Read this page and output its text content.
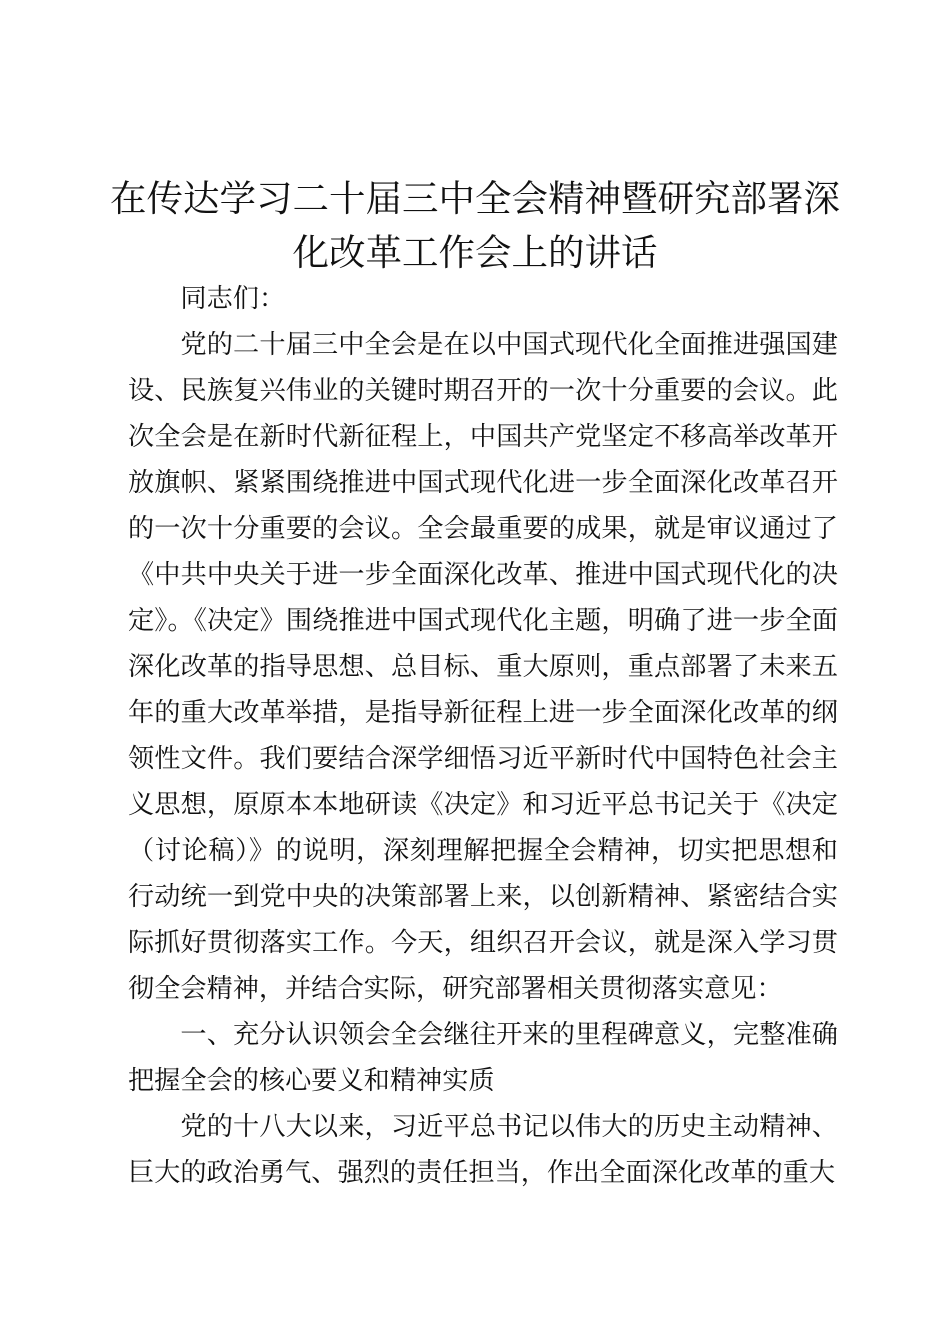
在传达学习二十届三中全会精神暨研究部署深化改革工作会上的讲话

同志们：

党的二十届三中全会是在以中国式现代化全面推进强国建设、民族复兴伟业的关键时期召开的一次十分重要的会议。此次全会是在新时代新征程上，中国共产党坚定不移高举改革开放旗帜、紧紧围绕推进中国式现代化进一步全面深化改革召开的一次十分重要的会议。全会最重要的成果，就是审议通过了《中共中央关于进一步全面深化改革、推进中国式现代化的决定》。《决定》围绕推进中国式现代化主题，明确了进一步全面深化改革的指导思想、总目标、重大原则，重点部署了未来五年的重大改革举措，是指导新征程上进一步全面深化改革的纲领性文件。我们要结合深学细悟习近平新时代中国特色社会主义思想，原原本本地研读《决定》和习近平总书记关于《决定（讨论稿）》的说明，深刻理解把握全会精神，切实把思想和行动统一到党中央的决策部署上来，以创新精神、紧密结合实际抓好贯彻落实工作。今天，组织召开会议，就是深入学习贯彻全会精神，并结合实际，研究部署相关贯彻落实意见：

一、充分认识领会全会继往开来的里程碑意义，完整准确把握全会的核心要义和精神实质

党的十八大以来，习近平总书记以伟大的历史主动精神、巨大的政治勇气、强烈的责任担当，作出全面深化改革的重大
